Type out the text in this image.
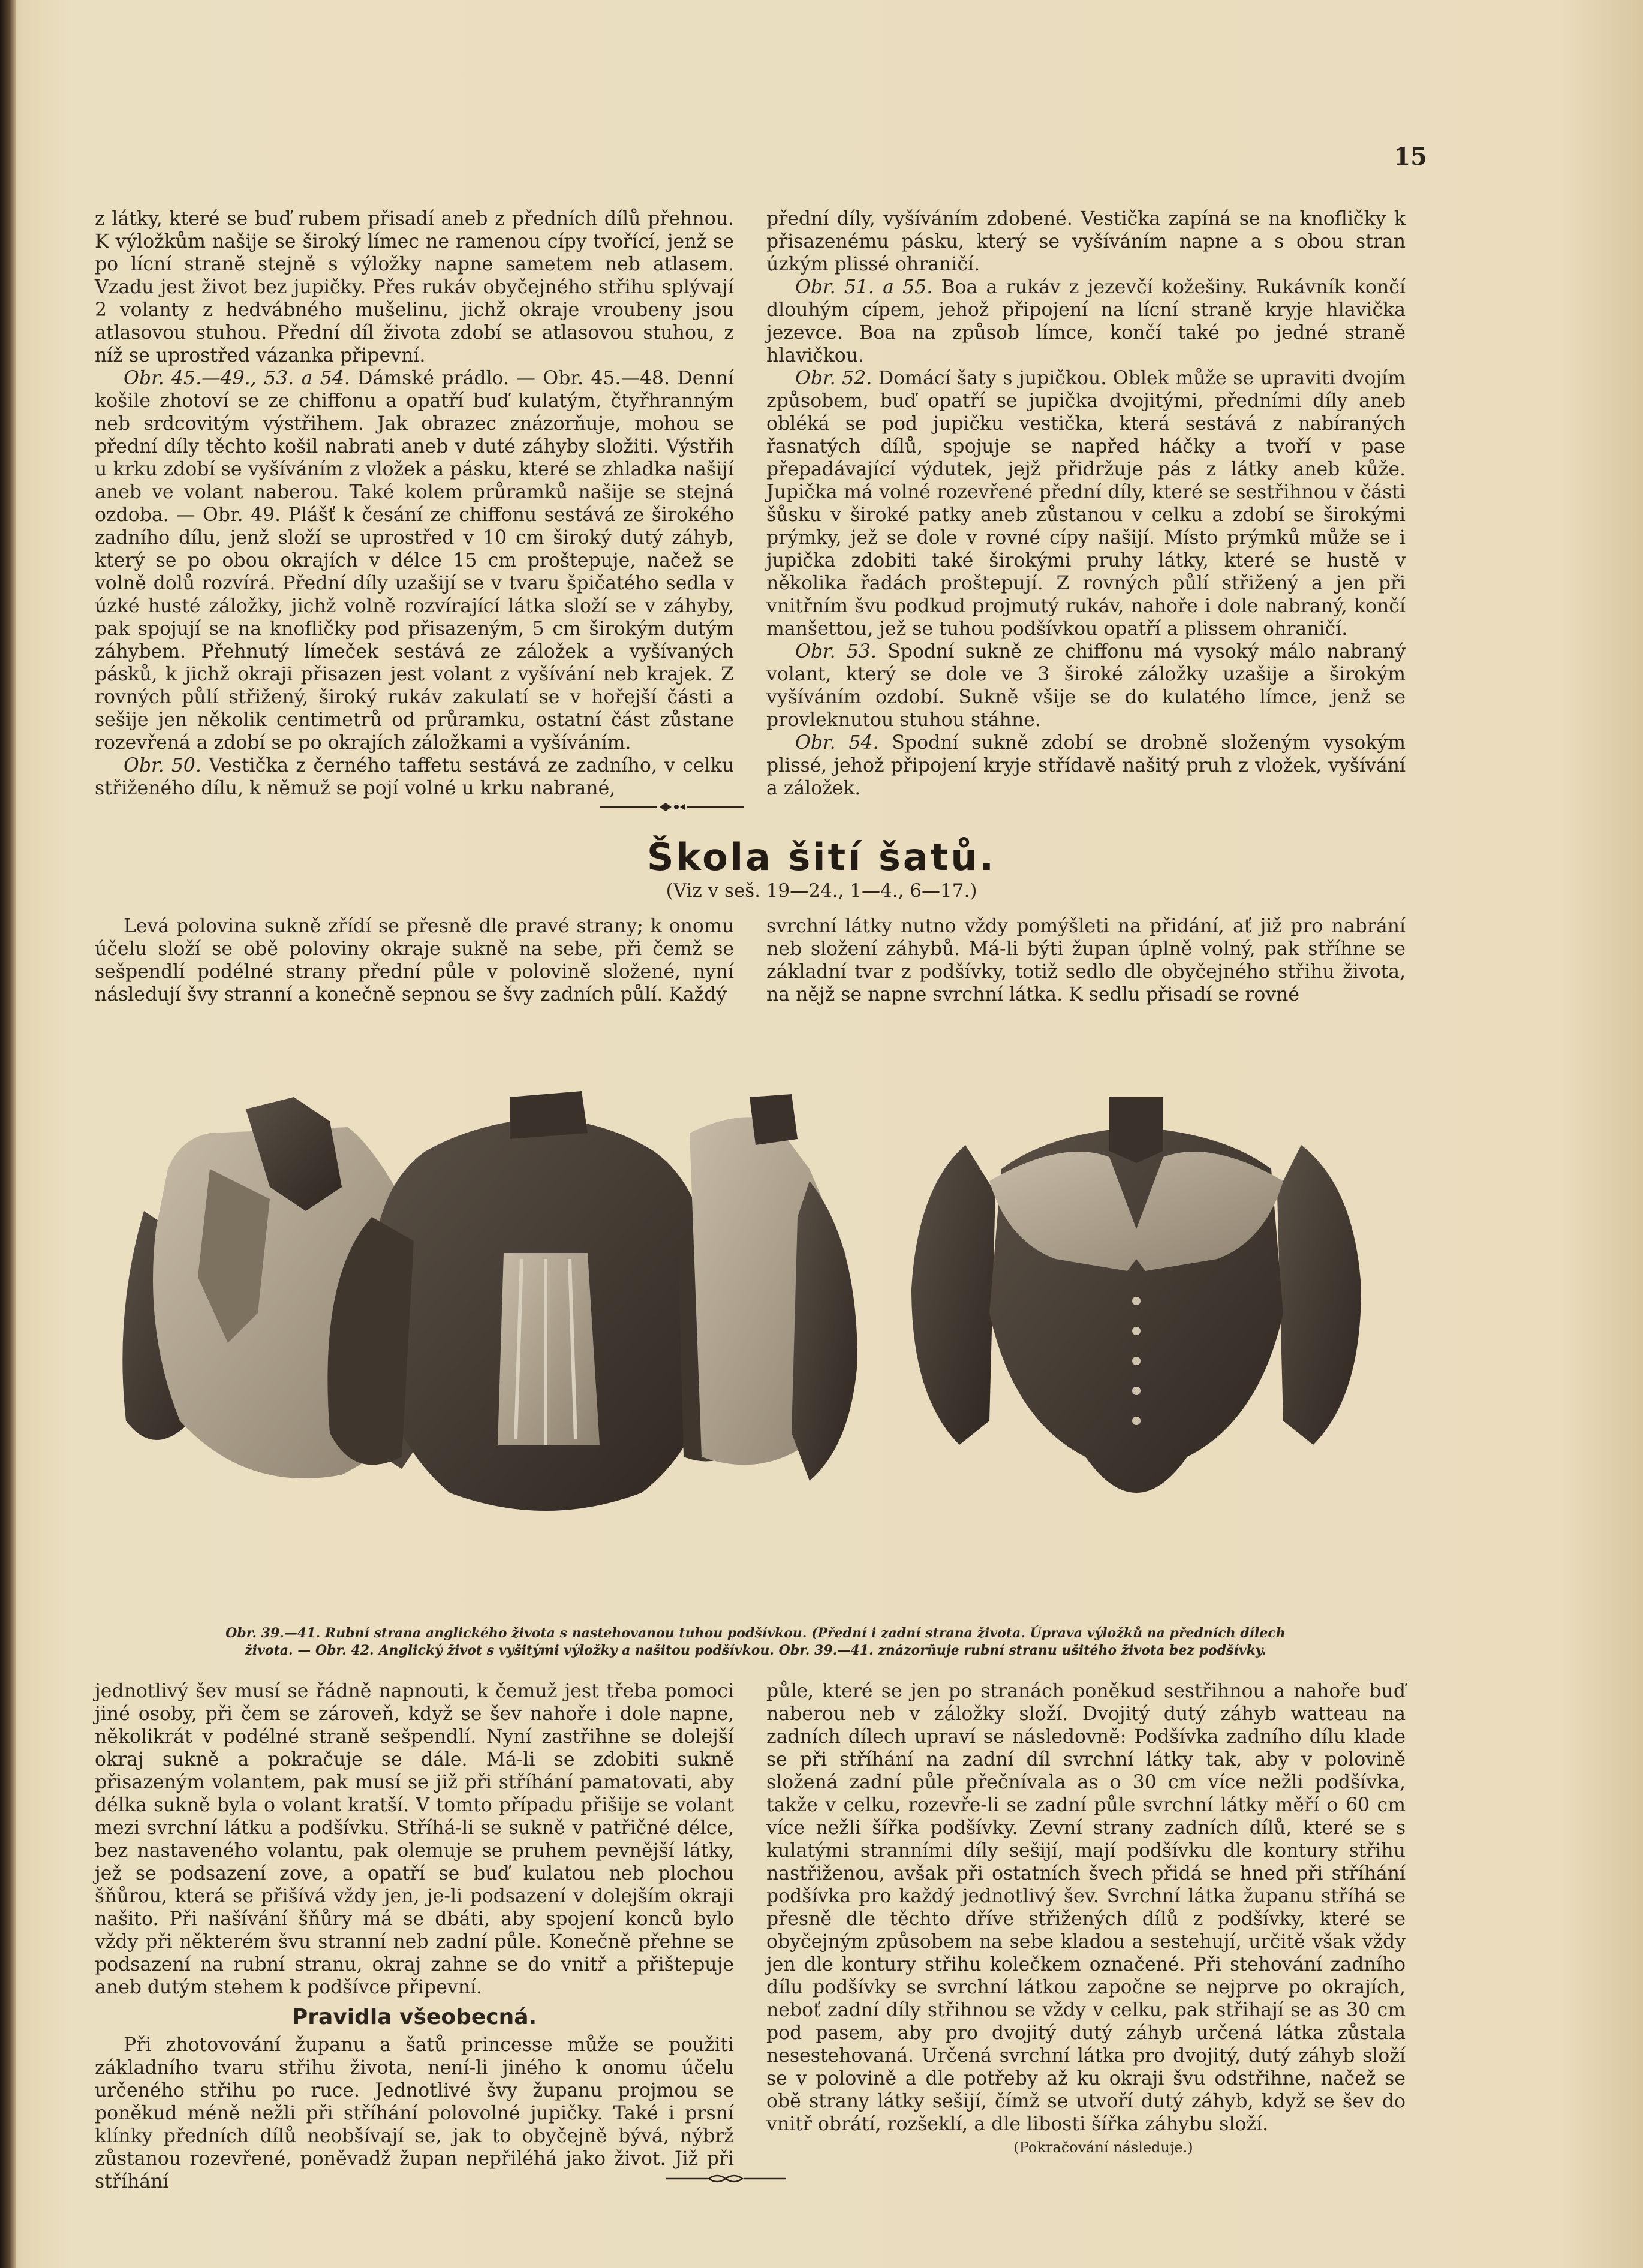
15

z látky, které se buď rubem přisadí aneb z předních dílů přehnou. K výložkům našije se široký límec ne ramenou cípy tvořící, jenž se po lícní straně stejně s výložky napne sametem neb atlasem. Vzadu jest život bez jupičky. Přes rukáv obyčejného střihu splývají 2 volanty z hedvábného mušelinu, jichž okraje vroubeny jsou atlasovou stuhou. Přední díl života zdobí se atlasovou stuhou, z níž se uprostřed vázanka připevní.

Obr. 45.—49., 53. a 54. Dámské prádlo. — Obr. 45.—48. Denní košile zhotoví se ze chiffonu a opatří buď kulatým, čtyřhranným neb srdcovitým výstřihem. Jak obrazec znázorňuje, mohou se přední díly těchto košil nabrati aneb v duté záhyby složiti. Výstřih u krku zdobí se vyšíváním z vložek a pásku, které se zhladka našijí aneb ve volant naberou. Také kolem průramků našije se stejná ozdoba. — Obr. 49. Plášť k česání ze chiffonu sestává ze širokého zadního dílu, jenž složí se uprostřed v 10 cm široký dutý záhyb, který se po obou okrajích v délce 15 cm proštepuje, načež se volně dolů rozvírá. Přední díly uzašijí se v tvaru špičatého sedla v úzké husté záložky, jichž volně rozvírající látka složí se v záhyby, pak spojují se na knofličky pod přisazeným, 5 cm širokým dutým záhybem. Přehnutý límeček sestává ze záložek a vyšívaných pásků, k jichž okraji přisazen jest volant z vyšívání neb krajek. Z rovných půlí střižený, široký rukáv zakulatí se v hořejší části a sešije jen několik centimetrů od průramku, ostatní část zůstane rozevřená a zdobí se po okrajích záložkami a vyšíváním.

Obr. 50. Vestička z černého taffetu sestává ze zadního, v celku střiženého dílu, k němuž se pojí volné u krku nabrané,

přední díly, vyšíváním zdobené. Vestička zapíná se na knofličky k přisazenému pásku, který se vyšíváním napne a s obou stran úzkým plissé ohraničí.

Obr. 51. a 55. Boa a rukáv z jezevčí kožešiny. Rukávník končí dlouhým cípem, jehož připojení na lícní straně kryje hlavička jezevce. Boa na způsob límce, končí také po jedné straně hlavičkou.

Obr. 52. Domácí šaty s jupičkou. Oblek může se upraviti dvojím způsobem, buď opatří se jupička dvojitými, předními díly aneb obléká se pod jupičku vestička, která sestává z nabíraných řasnatých dílů, spojuje se napřed háčky a tvoří v pase přepadávající výdutek, jejž přidržuje pás z látky aneb kůže. Jupička má volné rozevřené přední díly, které se sestřihnou v části šůsku v široké patky aneb zůstanou v celku a zdobí se širokými prýmky, jež se dole v rovné cípy našijí. Místo prýmků může se i jupička zdobiti také širokými pruhy látky, které se hustě v několika řadách proštepují. Z rovných půlí střižený a jen při vnitřním švu podkud projmutý rukáv, nahoře i dole nabraný, končí manšettou, jež se tuhou podšívkou opatří a plissem ohraničí.

Obr. 53. Spodní sukně ze chiffonu má vysoký málo nabraný volant, který se dole ve 3 široké záložky uzašije a širokým vyšíváním ozdobí. Sukně všije se do kulatého límce, jenž se provleknutou stuhou stáhne.

Obr. 54. Spodní sukně zdobí se drobně složeným vysokým plissé, jehož připojení kryje střídavě našitý pruh z vložek, vyšívání a záložek.

Škola šití šatů.
(Viz v seš. 19—24., 1—4., 6—17.)

Levá polovina sukně zřídí se přesně dle pravé strany; k onomu účelu složí se obě poloviny okraje sukně na sebe, při čemž se sešpendlí podélné strany přední půle v polovině složené, nyní následují švy stranní a konečně sepnou se švy zadních půlí. Každý

svrchní látky nutno vždy pomýšleti na přidání, ať již pro nabrání neb složení záhybů. Má-li býti župan úplně volný, pak stříhne se základní tvar z podšívky, totiž sedlo dle obyčejného střihu života, na nějž se napne svrchní látka. K sedlu přisadí se rovné

Obr. 39.—41. Rubní strana anglického života s nastehovanou tuhou podšívkou. (Přední i zadní strana života. Úprava výložků na předních dílech
života. — Obr. 42. Anglický život s vyšitými výložky a našitou podšívkou. Obr. 39.—41. znázorňuje rubní stranu ušitého života bez podšívky.

jednotlivý šev musí se řádně napnouti, k čemuž jest třeba pomoci jiné osoby, při čem se zároveň, když se šev nahoře i dole napne, několikrát v podélné straně sešpendlí. Nyní zastřihne se dolejší okraj sukně a pokračuje se dále. Má-li se zdobiti sukně přisazeným volantem, pak musí se již při stříhání pamatovati, aby délka sukně byla o volant kratší. V tomto případu přišije se volant mezi svrchní látku a podšívku. Stříhá-li se sukně v patřičné délce, bez nastaveného volantu, pak olemuje se pruhem pevnější látky, jež se podsazení zove, a opatří se buď kulatou neb plochou šňůrou, která se přišívá vždy jen, je-li podsazení v dolejším okraji našito. Při našívání šňůry má se dbáti, aby spojení konců bylo vždy při některém švu stranní neb zadní půle. Konečně přehne se podsazení na rubní stranu, okraj zahne se do vnitř a přištepuje aneb dutým stehem k podšívce připevní.

Pravidla všeobecná.

Při zhotovování županu a šatů princesse může se použiti základního tvaru střihu života, není-li jiného k onomu účelu určeného střihu po ruce. Jednotlivé švy županu projmou se poněkud méně nežli při stříhání polovolné jupičky. Také i prsní klínky předních dílů neobšívají se, jak to obyčejně bývá, nýbrž zůstanou rozevřené, poněvadž župan nepřiléhá jako život. Již při stříhání

půle, které se jen po stranách poněkud sestřihnou a nahoře buď naberou neb v záložky složí. Dvojitý dutý záhyb watteau na zadních dílech upraví se následovně: Podšívka zadního dílu klade se při stříhání na zadní díl svrchní látky tak, aby v polovině složená zadní půle přečnívala as o 30 cm více nežli podšívka, takže v celku, rozevře-li se zadní půle svrchní látky měří o 60 cm více nežli šířka podšívky. Zevní strany zadních dílů, které se s kulatými stranními díly sešijí, mají podšívku dle kontury střihu nastřiženou, avšak při ostatních švech přidá se hned při stříhání podšívka pro každý jednotlivý šev. Svrchní látka županu stříhá se přesně dle těchto dříve střižených dílů z podšívky, které se obyčejným způsobem na sebe kladou a sestehují, určitě však vždy jen dle kontury střihu kolečkem označené. Při stehování zadního dílu podšívky se svrchní látkou započne se nejprve po okrajích, neboť zadní díly střihnou se vždy v celku, pak střihají se as 30 cm pod pasem, aby pro dvojitý dutý záhyb určená látka zůstala nesestehovaná. Určená svrchní látka pro dvojitý, dutý záhyb složí se v polovině a dle potřeby až ku okraji švu odstřihne, načež se obě strany látky sešijí, čímž se utvoří dutý záhyb, když se šev do vnitř obrátí, rozšeklí, a dle libosti šířka záhybu složí.

(Pokračování následuje.)
